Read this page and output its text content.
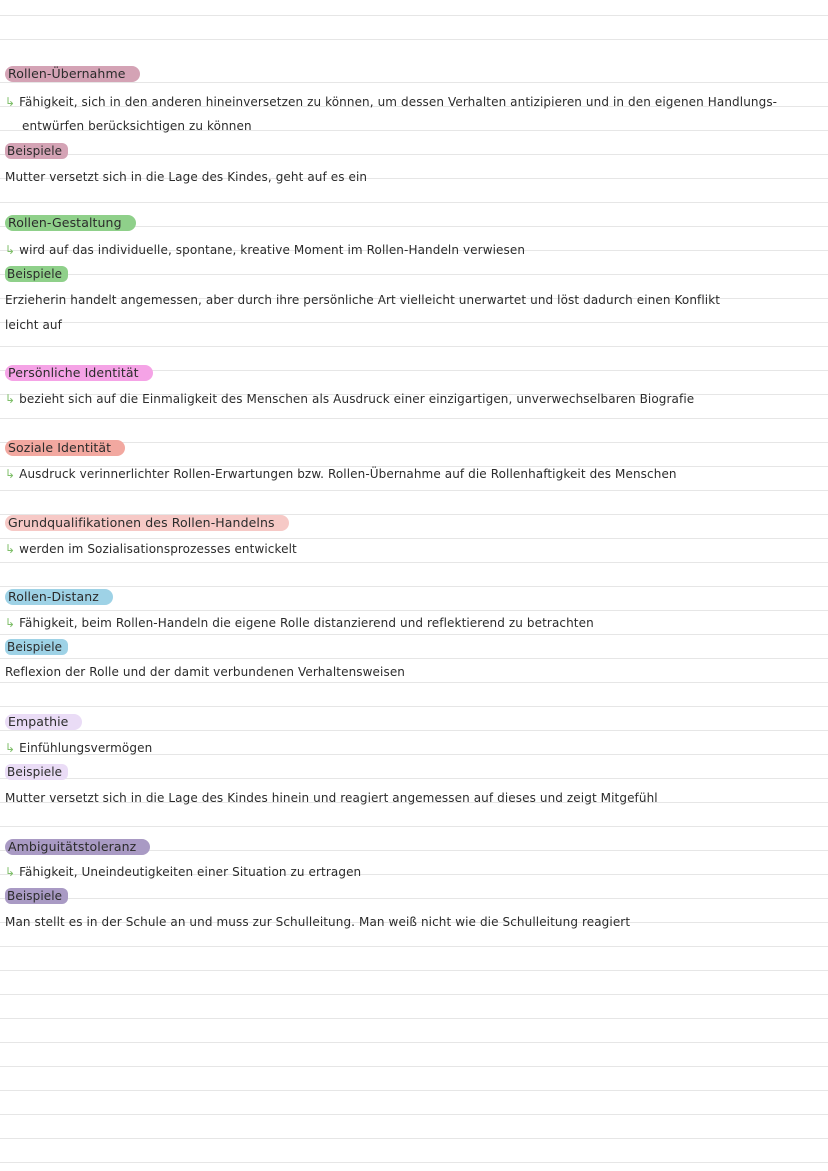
Rollen-Übernahme
↳ Fähigkeit, sich in den anderen hineinversetzen zu können, um dessen Verhalten antizipieren und in den eigenen Handlungs-
entwürfen berücksichtigen zu können
Beispiele
Mutter versetzt sich in die Lage des Kindes, geht auf es ein
Rollen-Gestaltung
↳ wird auf das individuelle, spontane, kreative Moment im Rollen-Handeln verwiesen
Beispiele
Erzieherin handelt angemessen, aber durch ihre persönliche Art vielleicht unerwartet und löst dadurch einen Konflikt
leicht auf
Persönliche Identität
↳ bezieht sich auf die Einmaligkeit des Menschen als Ausdruck einer einzigartigen, unverwechselbaren Biografie
Soziale Identität
↳ Ausdruck verinnerlichter Rollen-Erwartungen bzw. Rollen-Übernahme auf die Rollenhaftigkeit des Menschen
Grundqualifikationen des Rollen-Handelns
↳ werden im Sozialisationsprozesses entwickelt
Rollen-Distanz
↳ Fähigkeit, beim Rollen-Handeln die eigene Rolle distanzierend und reflektierend zu betrachten
Beispiele
Reflexion der Rolle und der damit verbundenen Verhaltensweisen
Empathie
↳ Einfühlungsvermögen
Beispiele
Mutter versetzt sich in die Lage des Kindes hinein und reagiert angemessen auf dieses und zeigt Mitgefühl
Ambiguitätstoleranz
↳ Fähigkeit, Uneindeutigkeiten einer Situation zu ertragen
Beispiele
Man stellt es in der Schule an und muss zur Schulleitung. Man weiß nicht wie die Schulleitung reagiert
